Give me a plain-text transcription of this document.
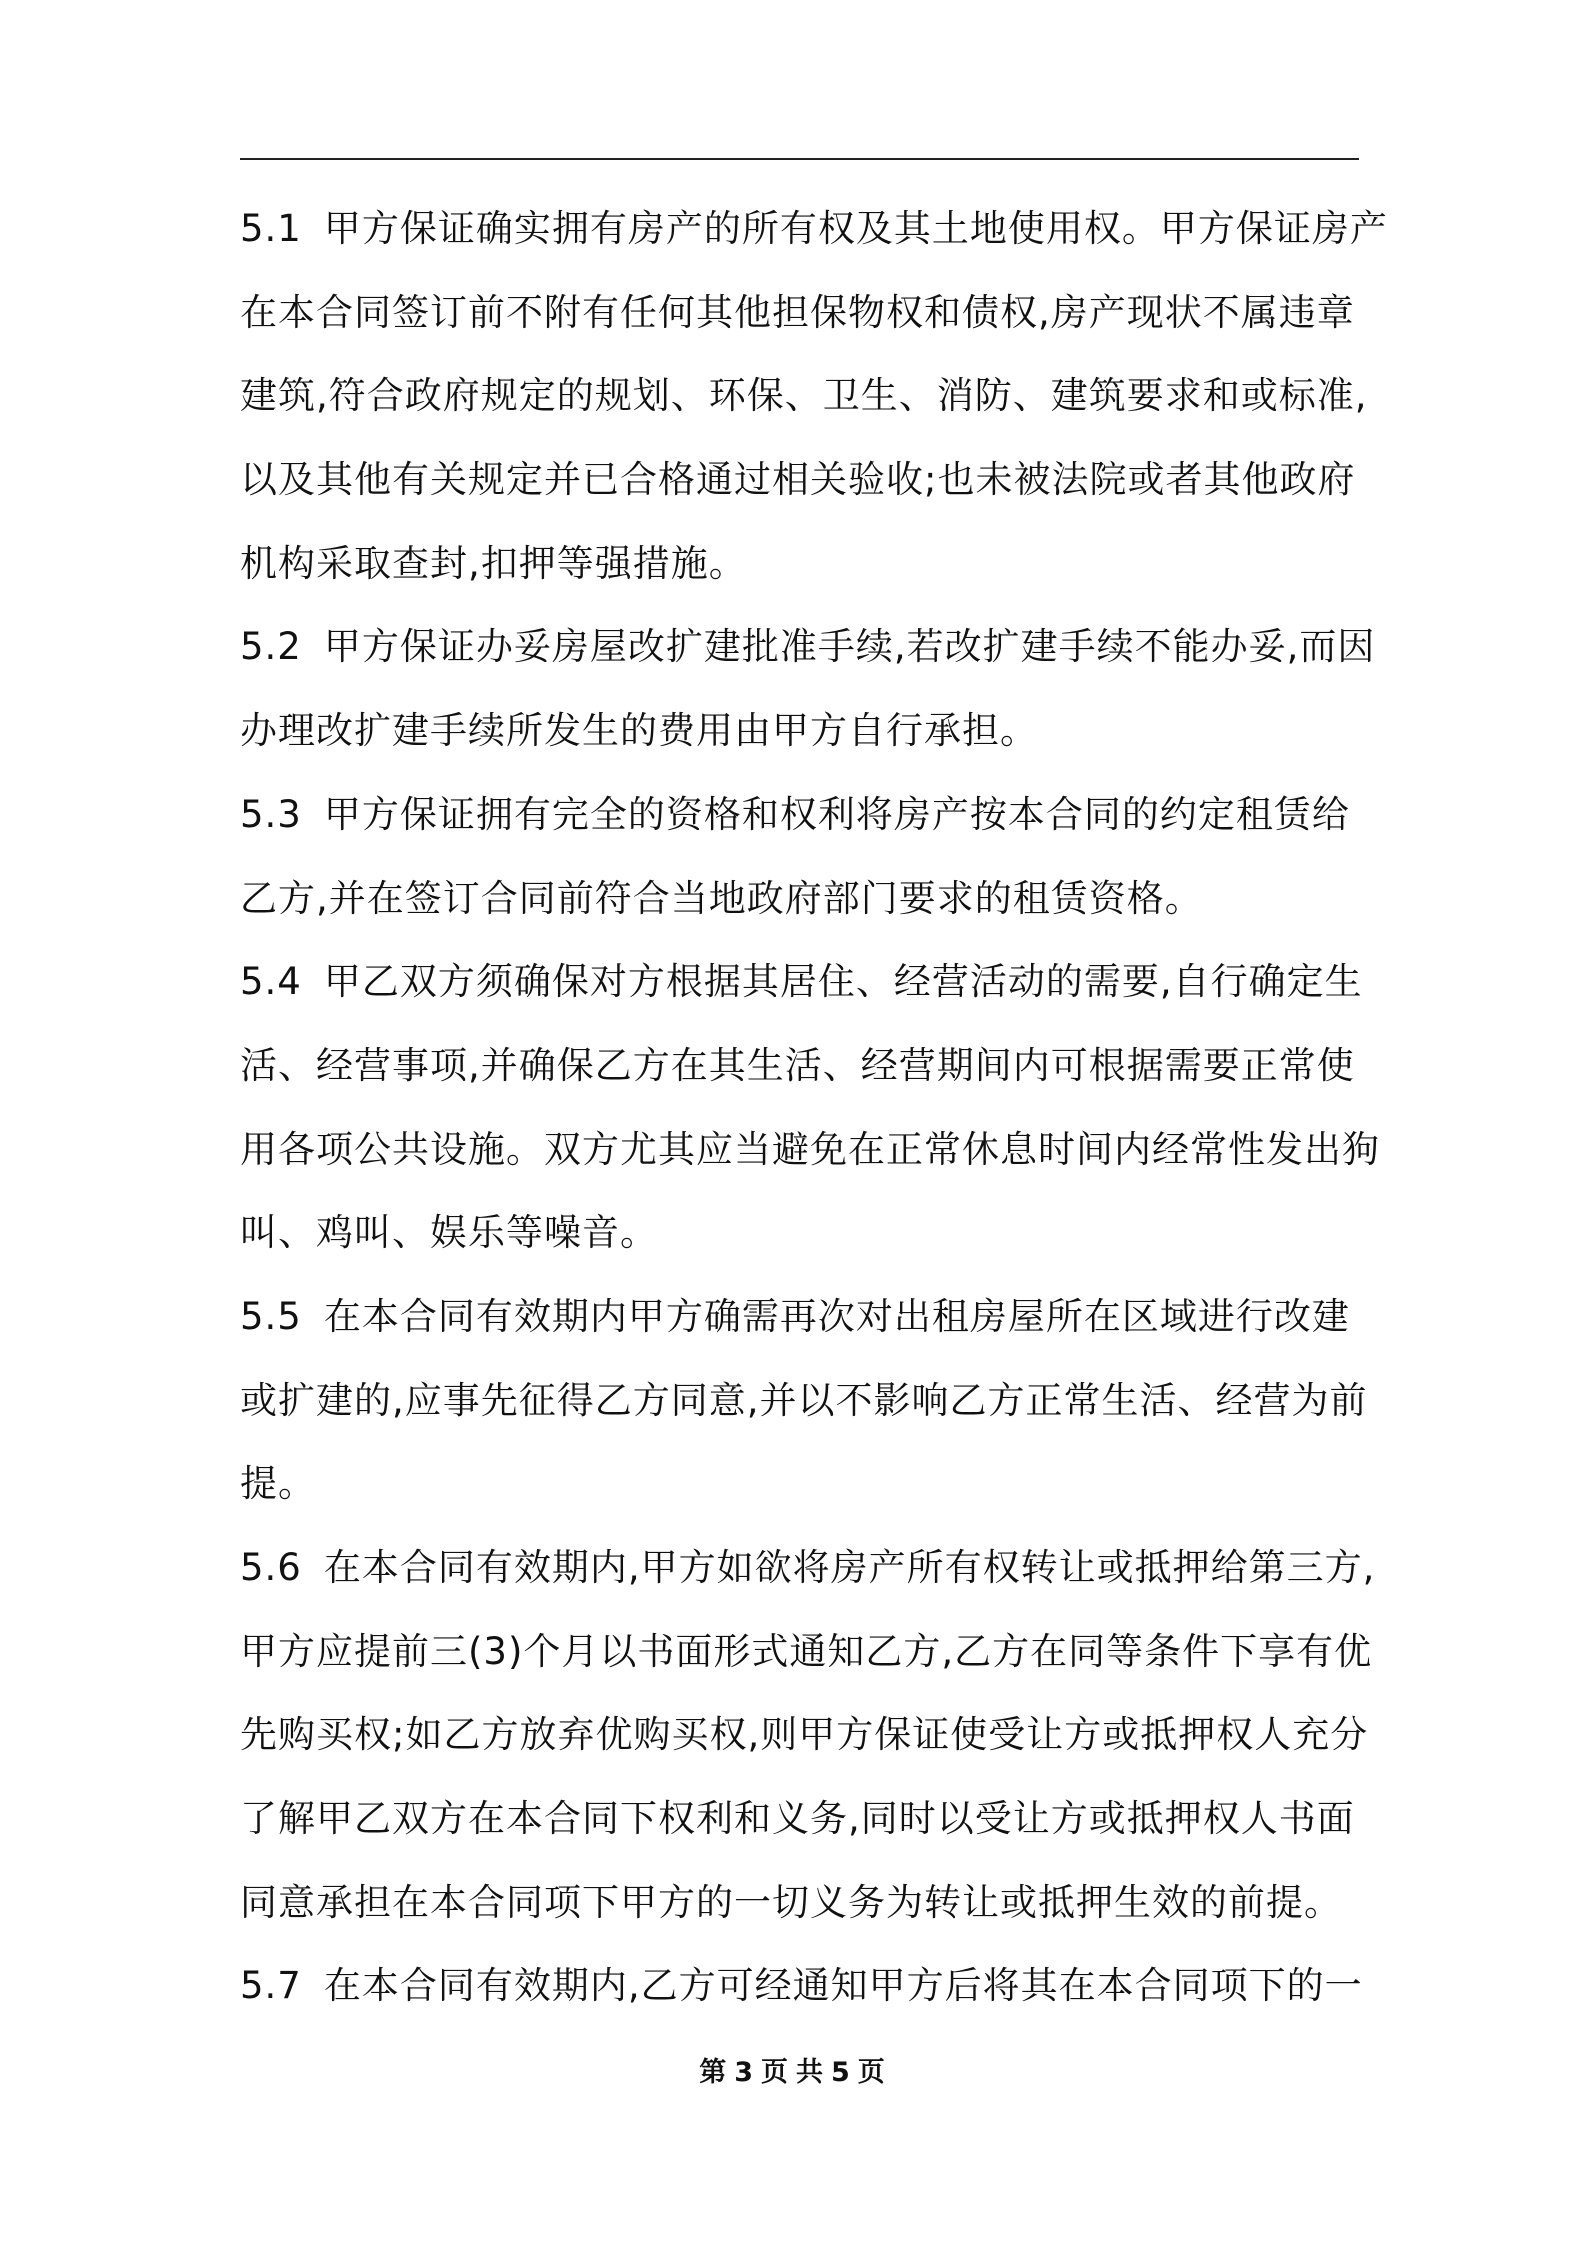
5.1 甲方保证确实拥有房产的所有权及其土地使用权。甲方保证房产
在本合同签订前不附有任何其他担保物权和债权,房产现状不属违章
建筑,符合政府规定的规划、环保、卫生、消防、建筑要求和或标准,
以及其他有关规定并已合格通过相关验收;也未被法院或者其他政府
机构采取查封,扣押等强措施。
5.2 甲方保证办妥房屋改扩建批准手续,若改扩建手续不能办妥,而因
办理改扩建手续所发生的费用由甲方自行承担。
5.3 甲方保证拥有完全的资格和权利将房产按本合同的约定租赁给
乙方,并在签订合同前符合当地政府部门要求的租赁资格。
5.4 甲乙双方须确保对方根据其居住、经营活动的需要,自行确定生
活、经营事项,并确保乙方在其生活、经营期间内可根据需要正常使
用各项公共设施。双方尤其应当避免在正常休息时间内经常性发出狗
叫、鸡叫、娱乐等噪音。
5.5 在本合同有效期内甲方确需再次对出租房屋所在区域进行改建
或扩建的,应事先征得乙方同意,并以不影响乙方正常生活、经营为前
提。
5.6 在本合同有效期内,甲方如欲将房产所有权转让或抵押给第三方,
甲方应提前三(3)个月以书面形式通知乙方,乙方在同等条件下享有优
先购买权;如乙方放弃优购买权,则甲方保证使受让方或抵押权人充分
了解甲乙双方在本合同下权利和义务,同时以受让方或抵押权人书面
同意承担在本合同项下甲方的一切义务为转让或抵押生效的前提。
5.7 在本合同有效期内,乙方可经通知甲方后将其在本合同项下的一
第 3 页 共 5 页
